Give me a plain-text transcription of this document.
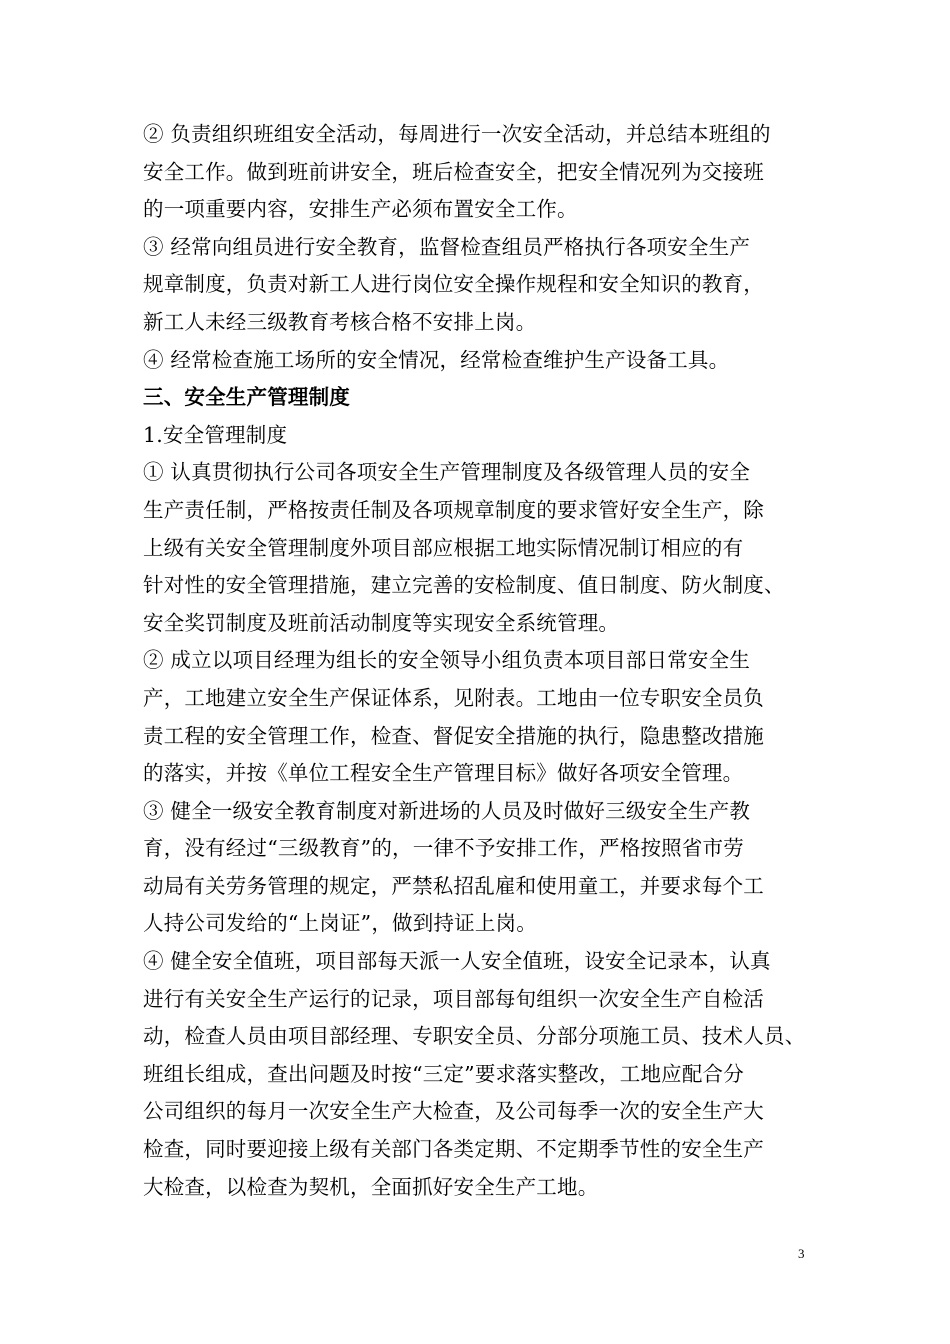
② 负责组织班组安全活动，每周进行一次安全活动，并总结本班组的
安全工作。做到班前讲安全，班后检查安全，把安全情况列为交接班
的一项重要内容，安排生产必须布置安全工作。
③ 经常向组员进行安全教育，监督检查组员严格执行各项安全生产
规章制度，负责对新工人进行岗位安全操作规程和安全知识的教育，
新工人未经三级教育考核合格不安排上岗。
④ 经常检查施工场所的安全情况，经常检查维护生产设备工具。
三、安全生产管理制度
1.安全管理制度
① 认真贯彻执行公司各项安全生产管理制度及各级管理人员的安全
生产责任制，严格按责任制及各项规章制度的要求管好安全生产，除
上级有关安全管理制度外项目部应根据工地实际情况制订相应的有
针对性的安全管理措施，建立完善的安检制度、值日制度、防火制度、
安全奖罚制度及班前活动制度等实现安全系统管理。
② 成立以项目经理为组长的安全领导小组负责本项目部日常安全生
产，工地建立安全生产保证体系，见附表。工地由一位专职安全员负
责工程的安全管理工作，检查、督促安全措施的执行，隐患整改措施
的落实，并按《单位工程安全生产管理目标》做好各项安全管理。
③ 健全一级安全教育制度对新进场的人员及时做好三级安全生产教
育，没有经过“三级教育”的，一律不予安排工作，严格按照省市劳
动局有关劳务管理的规定，严禁私招乱雇和使用童工，并要求每个工
人持公司发给的“上岗证”，做到持证上岗。
④ 健全安全值班，项目部每天派一人安全值班，设安全记录本，认真
进行有关安全生产运行的记录，项目部每旬组织一次安全生产自检活
动，检查人员由项目部经理、专职安全员、分部分项施工员、技术人员、
班组长组成，查出问题及时按“三定”要求落实整改，工地应配合分
公司组织的每月一次安全生产大检查，及公司每季一次的安全生产大
检查，同时要迎接上级有关部门各类定期、不定期季节性的安全生产
大检查，以检查为契机，全面抓好安全生产工地。
3
